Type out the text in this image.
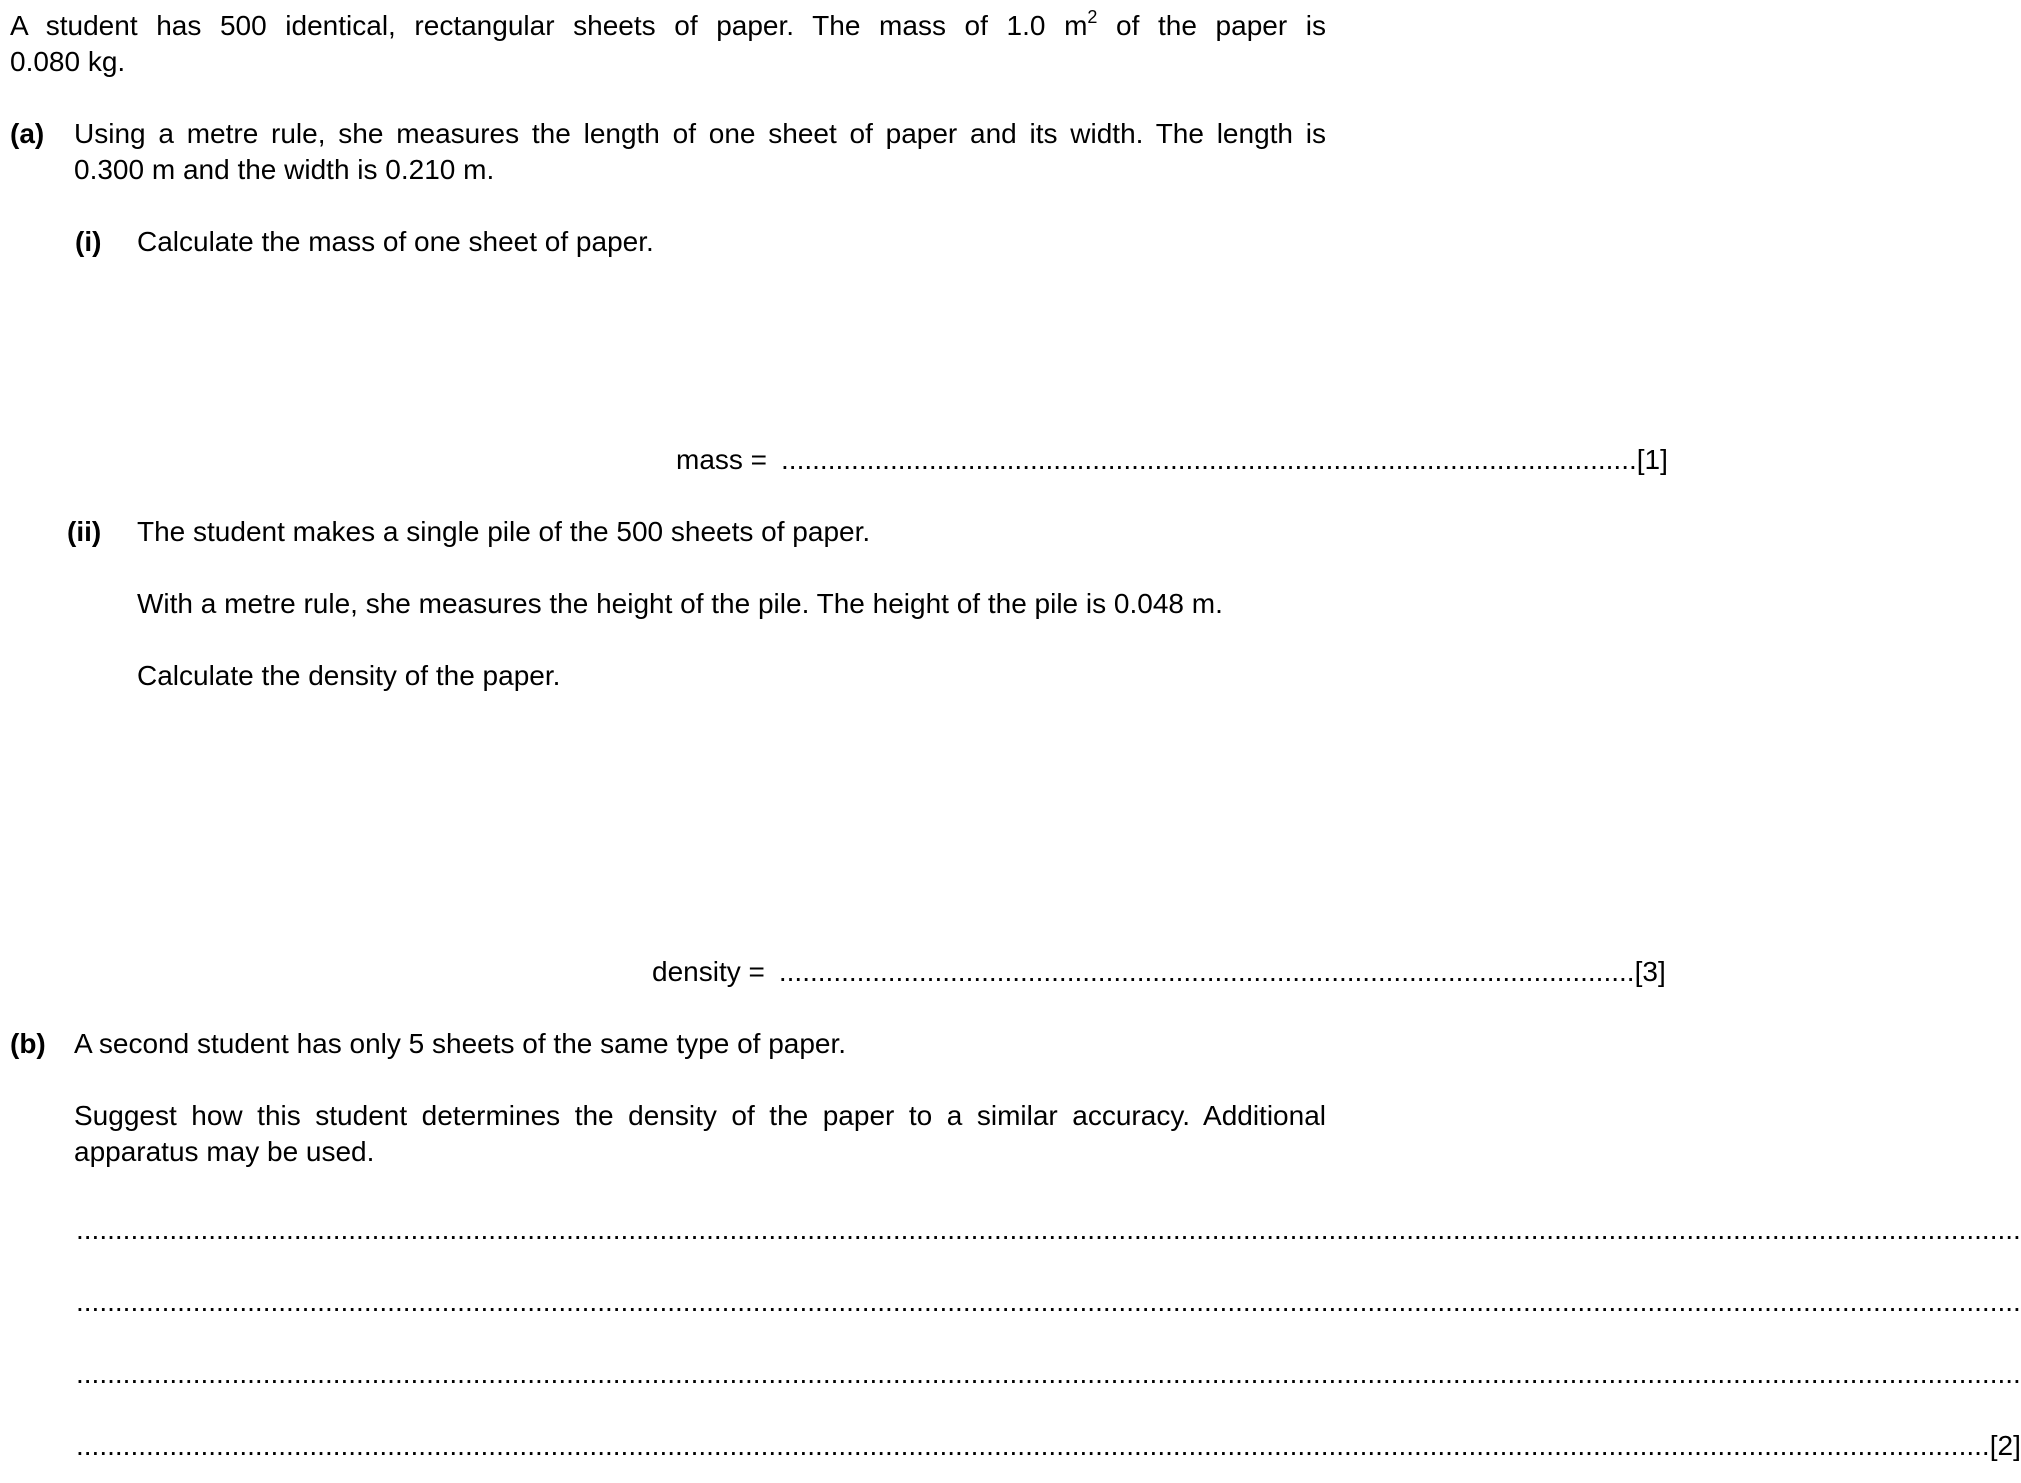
A student has 500 identical, rectangular sheets of paper. The mass of 1.0 $m^2$ of the paper is
0.080 kg.
(a) Using a metre rule, she measures the length of one sheet of paper and its width. The length is
0.300 m and the width is 0.210 m.
(i) Calculate the mass of one sheet of paper.
mass = .............................................................................................................. [1]
(ii) The student makes a single pile of the 500 sheets of paper.
With a metre rule, she measures the height of the pile. The height of the pile is 0.048 m.
Calculate the density of the paper.
density = .............................................................................................................. [3]
(b) A second student has only 5 sheets of the same type of paper.
Suggest how this student determines the density of the paper to a similar accuracy. Additional
apparatus may be used.
..........................................................................................................................................................................................................................................................
..........................................................................................................................................................................................................................................................
..........................................................................................................................................................................................................................................................
...................................................................................................................................................................................................................................................... [2]
